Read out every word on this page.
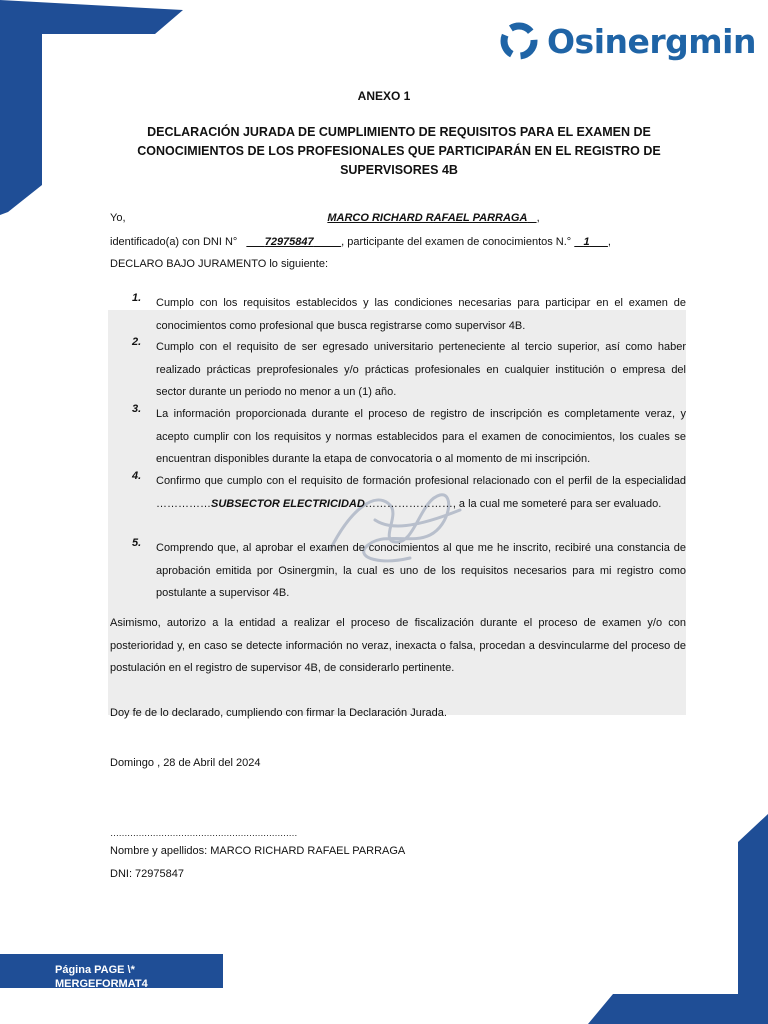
Osinergmin
ANEXO 1
DECLARACIÓN JURADA DE CUMPLIMIENTO DE REQUISITOS PARA EL EXAMEN DE CONOCIMIENTOS DE LOS PROFESIONALES QUE PARTICIPARÁN EN EL REGISTRO DE SUPERVISORES 4B
Yo,	MARCO RICHARD RAFAEL PARRAGA ,
identificado(a) con DNI N° 72975847	, participante del examen de conocimientos N.° 1 ,
DECLARO BAJO JURAMENTO lo siguiente:
1. Cumplo con los requisitos establecidos y las condiciones necesarias para participar en el examen de conocimientos como profesional que busca registrarse como supervisor 4B.
2. Cumplo con el requisito de ser egresado universitario perteneciente al tercio superior, así como haber realizado prácticas preprofesionales y/o prácticas profesionales en cualquier institución o empresa del sector durante un periodo no menor a un (1) año.
3. La información proporcionada durante el proceso de registro de inscripción es completamente veraz, y acepto cumplir con los requisitos y normas establecidos para el examen de conocimientos, los cuales se encuentran disponibles durante la etapa de convocatoria o al momento de mi inscripción.
4. Confirmo que cumplo con el requisito de formación profesional relacionado con el perfil de la especialidad ……………SUBSECTOR ELECTRICIDAD……………………, a la cual me someteré para ser evaluado.
5. Comprendo que, al aprobar el examen de conocimientos al que me he inscrito, recibiré una constancia de aprobación emitida por Osinergmin, la cual es uno de los requisitos necesarios para mi registro como postulante a supervisor 4B.
Asimismo, autorizo a la entidad a realizar el proceso de fiscalización durante el proceso de examen y/o con posterioridad y, en caso se detecte información no veraz, inexacta o falsa, procedan a desvincularme del proceso de postulación en el registro de supervisor 4B, de considerarlo pertinente.
Doy fe de lo declarado, cumpliendo con firmar la Declaración Jurada.
Domingo , 28 de Abril del 2024
…………………………………………………………
Nombre y apellidos: MARCO RICHARD RAFAEL PARRAGA
DNI: 72975847
Página PAGE \* MERGEFORMAT4
